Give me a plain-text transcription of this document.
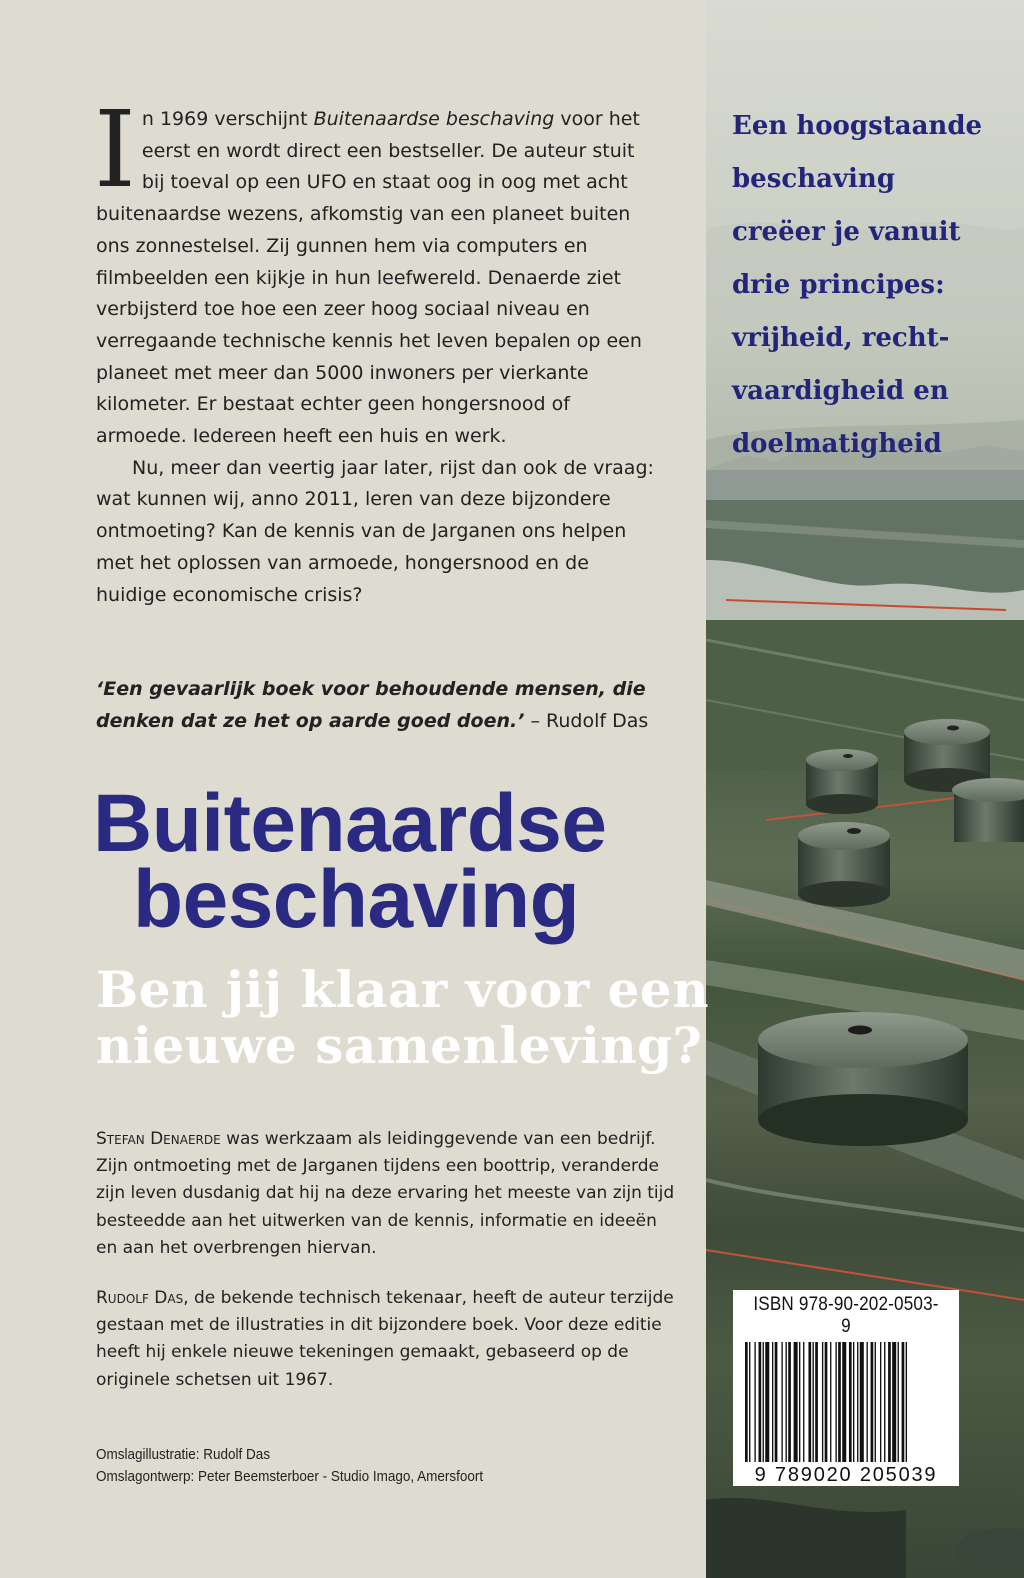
In 1969 verschijnt Buitenaardse beschaving voor het eerst en wordt direct een bestseller. De auteur stuit bij toeval op een UFO en staat oog in oog met acht buitenaardse wezens, afkomstig van een planeet buiten ons zonnestelsel. Zij gunnen hem via computers en filmbeelden een kijkje in hun leefwereld. Denaerde ziet verbijsterd toe hoe een zeer hoog sociaal niveau en verregaande technische kennis het leven bepalen op een planeet met meer dan 5000 inwoners per vierkante kilometer. Er bestaat echter geen hongersnood of armoede. Iedereen heeft een huis en werk.

Nu, meer dan veertig jaar later, rijst dan ook de vraag: wat kunnen wij, anno 2011, leren van deze bijzondere ontmoeting? Kan de kennis van de Jarganen ons helpen met het oplossen van armoede, hongersnood en de huidige economische crisis?

‘Een gevaarlijk boek voor behoudende mensen, die denken dat ze het op aarde goed doen.’ – Rudolf Das
Buitenaardse
beschaving
Ben jij klaar voor een
nieuwe samenleving?
Een hoogstaande
beschaving
creëer je vanuit
drie principes:
vrijheid, recht-
vaardigheid en
doelmatigheid
Stefan Denaerde was werkzaam als leidinggevende van een bedrijf. Zijn ontmoeting met de Jarganen tijdens een boottrip, veranderde zijn leven dusdanig dat hij na deze ervaring het meeste van zijn tijd besteedde aan het uitwerken van de kennis, informatie en ideeën en aan het overbrengen hiervan.
Rudolf Das, de bekende technisch tekenaar, heeft de auteur terzijde gestaan met de illustraties in dit bijzondere boek. Voor deze editie heeft hij enkele nieuwe tekeningen gemaakt, gebaseerd op de originele schetsen uit 1967.
Omslagillustratie: Rudolf Das
Omslagontwerp: Peter Beemsterboer - Studio Imago, Amersfoort
ISBN 978-90-202-0503-9
9 789020 205039
